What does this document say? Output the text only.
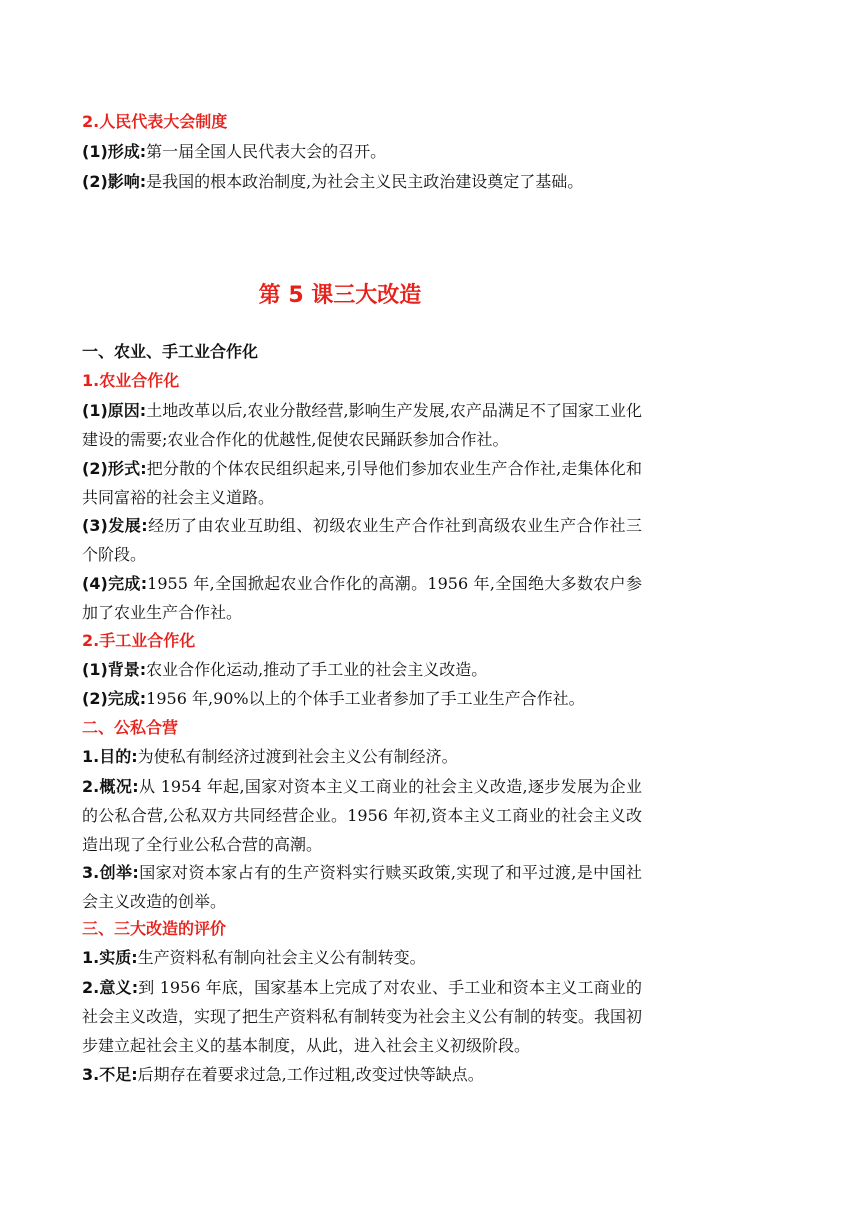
2.人民代表大会制度
(1)形成:第一届全国人民代表大会的召开。
(2)影响:是我国的根本政治制度,为社会主义民主政治建设奠定了基础。
第 5 课三大改造
一、农业、手工业合作化
1.农业合作化
(1)原因:土地改革以后,农业分散经营,影响生产发展,农产品满足不了国家工业化建设的需要;农业合作化的优越性,促使农民踊跃参加合作社。
(2)形式:把分散的个体农民组织起来,引导他们参加农业生产合作社,走集体化和共同富裕的社会主义道路。
(3)发展:经历了由农业互助组、初级农业生产合作社到高级农业生产合作社三个阶段。
(4)完成:1955 年,全国掀起农业合作化的高潮。1956 年,全国绝大多数农户参加了农业生产合作社。
2.手工业合作化
(1)背景:农业合作化运动,推动了手工业的社会主义改造。
(2)完成:1956 年,90%以上的个体手工业者参加了手工业生产合作社。
二、公私合营
1.目的:为使私有制经济过渡到社会主义公有制经济。
2.概况:从 1954 年起,国家对资本主义工商业的社会主义改造,逐步发展为企业的公私合营,公私双方共同经营企业。1956 年初,资本主义工商业的社会主义改造出现了全行业公私合营的高潮。
3.创举:国家对资本家占有的生产资料实行赎买政策,实现了和平过渡,是中国社会主义改造的创举。
三、三大改造的评价
1.实质:生产资料私有制向社会主义公有制转变。
2.意义:到 1956 年底，国家基本上完成了对农业、手工业和资本主义工商业的社会主义改造，实现了把生产资料私有制转变为社会主义公有制的转变。我国初步建立起社会主义的基本制度，从此，进入社会主义初级阶段。
3.不足:后期存在着要求过急,工作过粗,改变过快等缺点。
